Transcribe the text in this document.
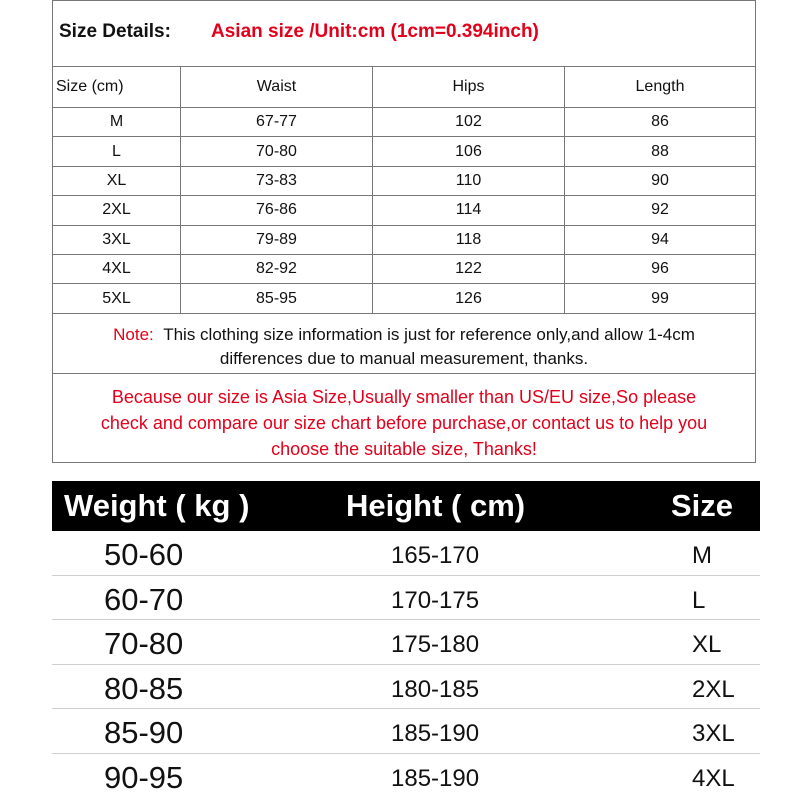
Size Details: Asian size /Unit:cm (1cm=0.394inch)
Size (cm)	Waist	Hips	Length
M	67-77	102	86
L	70-80	106	88
XL	73-83	110	90
2XL	76-86	114	92
3XL	79-89	118	94
4XL	82-92	122	96
5XL	85-95	126	99
Note: This clothing size information is just for reference only,and allow 1-4cm
differences due to manual measurement, thanks.
Because our size is Asia Size,Usually smaller than US/EU size,So please
check and compare our size chart before purchase,or contact us to help you
choose the suitable size, Thanks!
Weight ( kg )	Height ( cm)	Size
50-60	165-170	M
60-70	170-175	L
70-80	175-180	XL
80-85	180-185	2XL
85-90	185-190	3XL
90-95	185-190	4XL
